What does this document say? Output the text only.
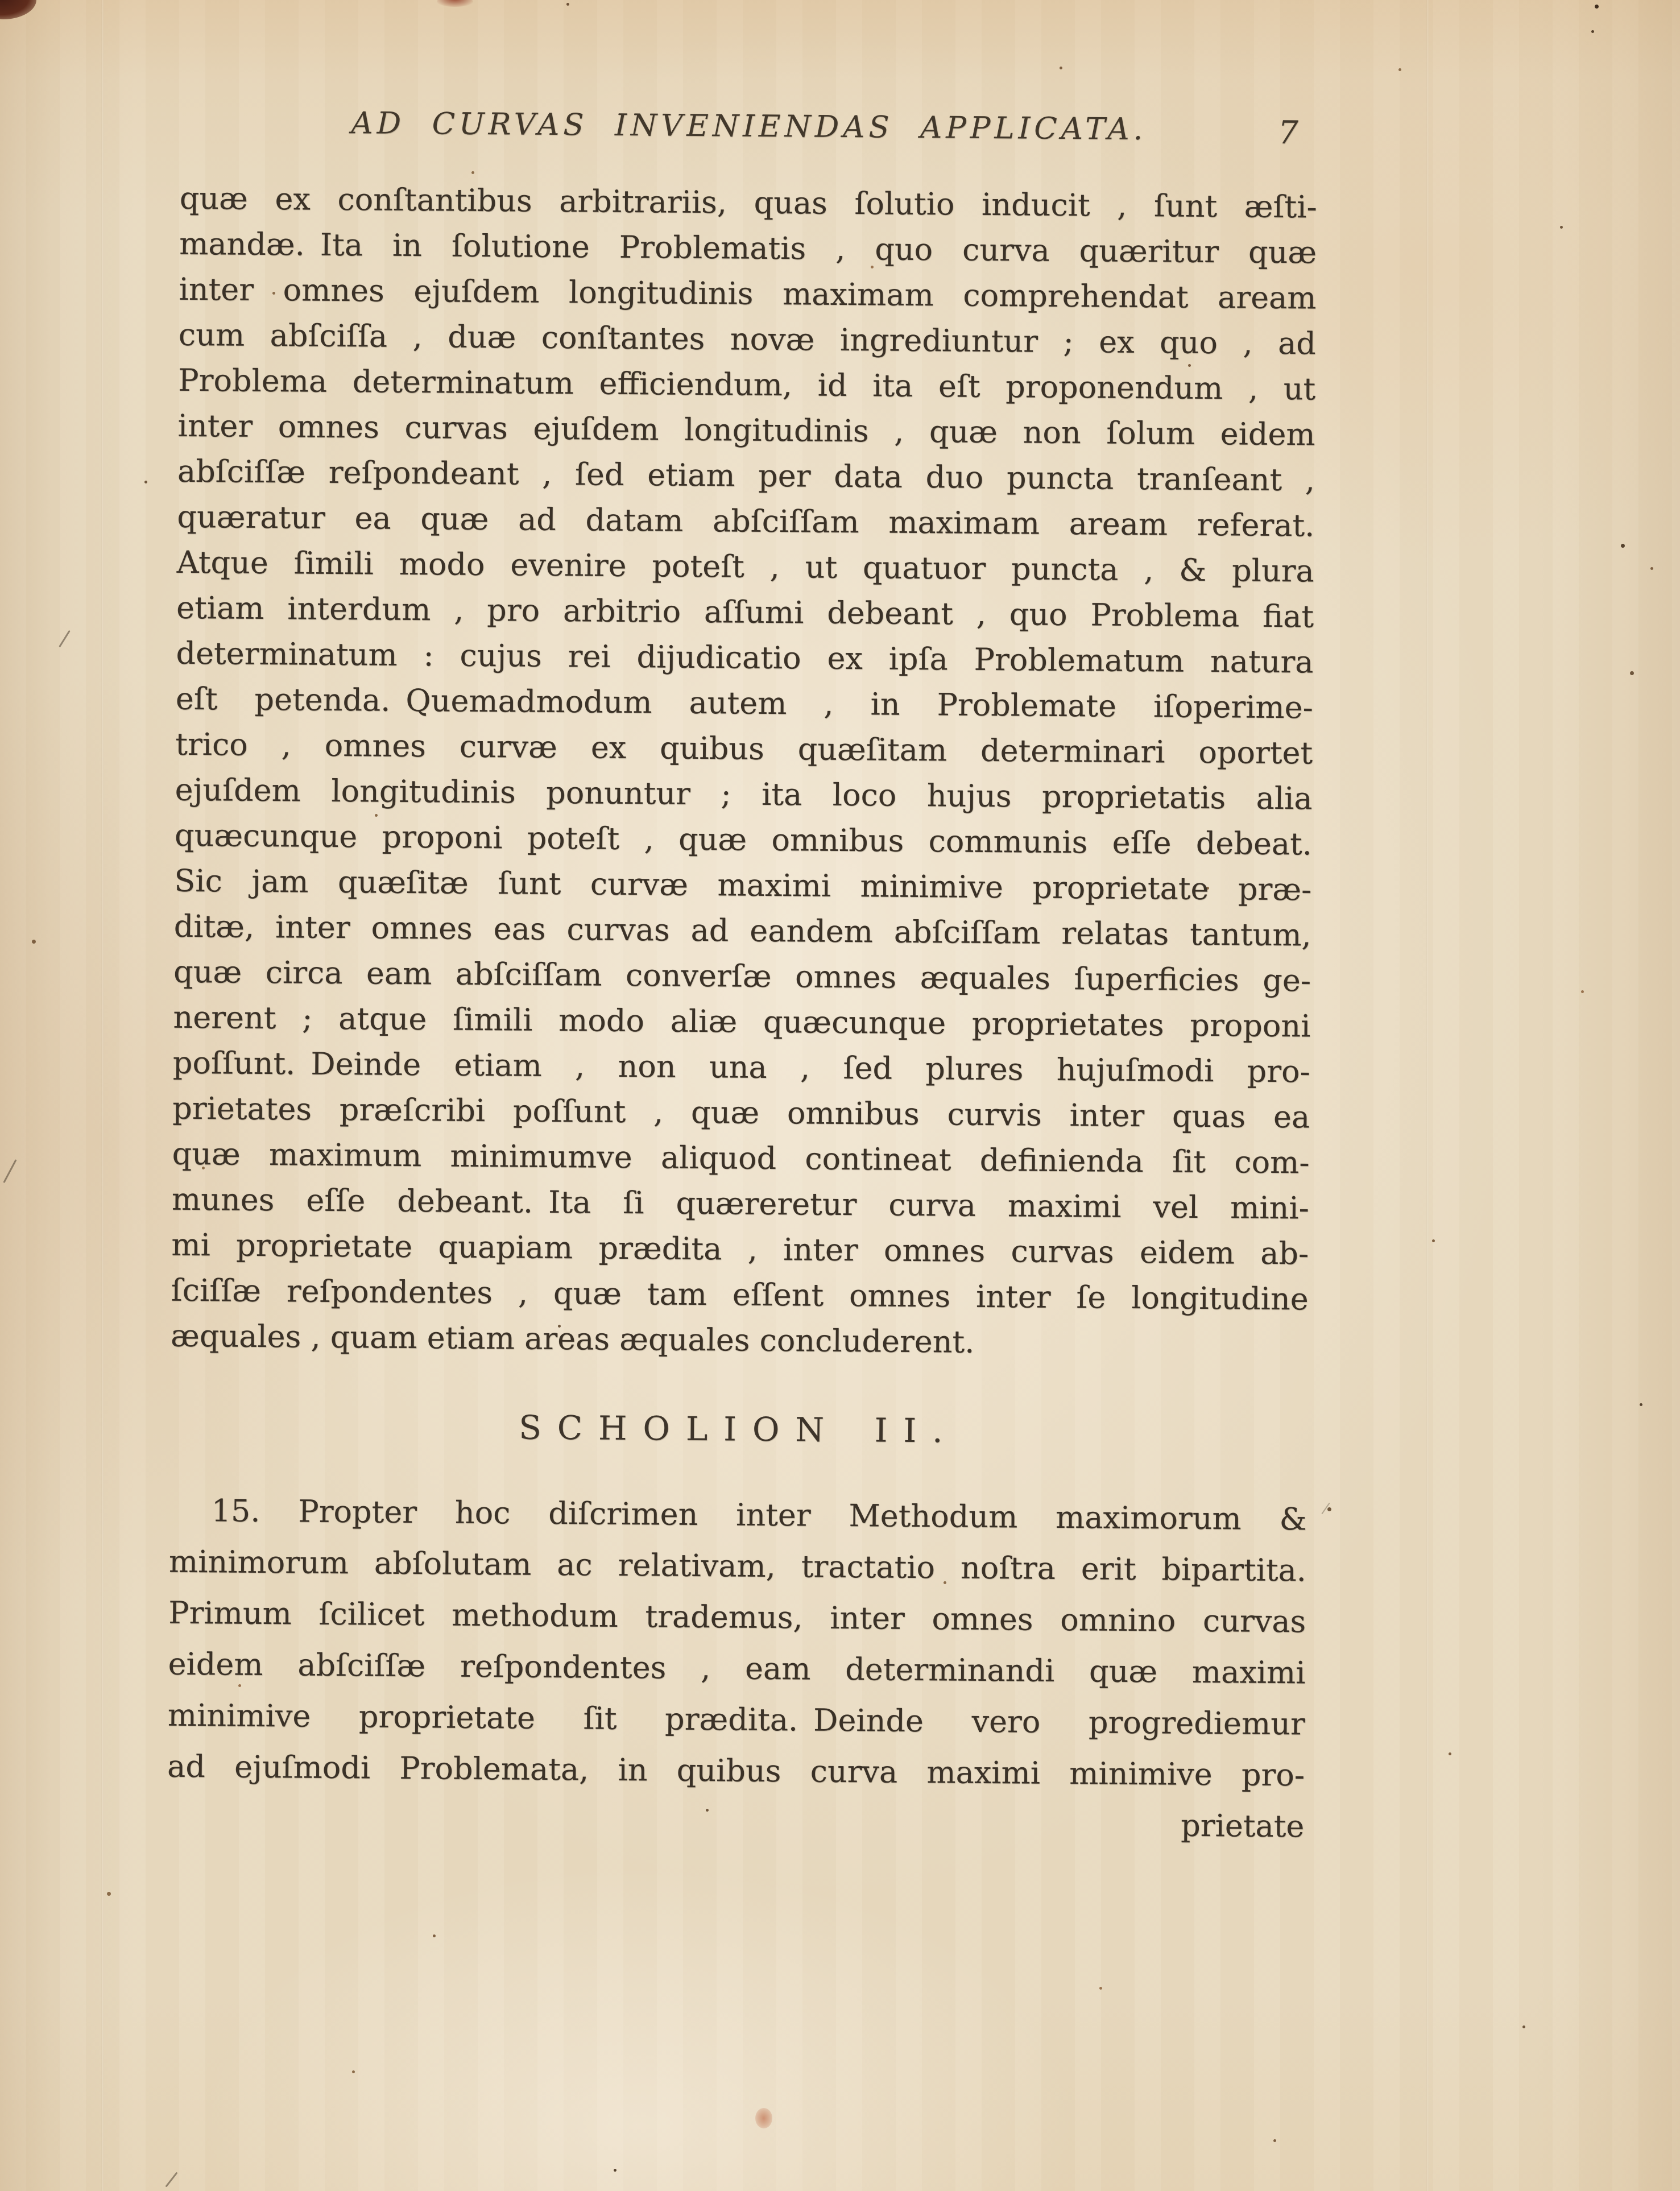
AD CURVAS INVENIENDAS APPLICATA.	7
quæ ex conſtantibus arbitrariis, quas ſolutio inducit , ſunt æſti-
mandæ. Ita in ſolutione Problematis , quo curva quæritur quæ
inter omnes ejuſdem longitudinis maximam comprehendat aream
cum abſciſſa , duæ conſtantes novæ ingrediuntur ; ex quo , ad
Problema determinatum efficiendum, id ita eſt proponendum , ut
inter omnes curvas ejuſdem longitudinis , quæ non ſolum eidem
abſciſſæ reſpondeant , ſed etiam per data duo puncta tranſeant ,
quæratur ea quæ ad datam abſciſſam maximam aream referat.
Atque ſimili modo evenire poteſt , ut quatuor puncta , & plura
etiam interdum , pro arbitrio aſſumi debeant , quo Problema fiat
determinatum : cujus rei dijudicatio ex ipſa Problematum natura
eſt petenda. Quemadmodum autem , in Problemate iſoperime-
trico , omnes curvæ ex quibus quæſitam determinari oportet
ejuſdem longitudinis ponuntur ; ita loco hujus proprietatis alia
quæcunque proponi poteſt , quæ omnibus communis eſſe debeat.
Sic jam quæſitæ ſunt curvæ maximi minimive proprietate præ-
ditæ, inter omnes eas curvas ad eandem abſciſſam relatas tantum,
quæ circa eam abſciſſam converſæ omnes æquales ſuperficies ge-
nerent ; atque ſimili modo aliæ quæcunque proprietates proponi
poſſunt. Deinde etiam , non una , ſed plures hujuſmodi pro-
prietates præſcribi poſſunt , quæ omnibus curvis inter quas ea
quæ maximum minimumve aliquod contineat definienda ſit com-
munes eſſe debeant. Ita ſi quæreretur curva maximi vel mini-
mi proprietate quapiam prædita , inter omnes curvas eidem ab-
ſciſſæ reſpondentes , quæ tam eſſent omnes inter ſe longitudine
æquales , quam etiam areas æquales concluderent.
SCHOLION II.
15. Propter hoc diſcrimen inter Methodum maximorum &
minimorum abſolutam ac relativam, tractatio noſtra erit bipartita.
Primum ſcilicet methodum trademus, inter omnes omnino curvas
eidem abſciſſæ reſpondentes , eam determinandi quæ maximi
minimive proprietate ſit prædita. Deinde vero progrediemur
ad ejuſmodi Problemata, in quibus curva maximi minimive pro-
prietate
